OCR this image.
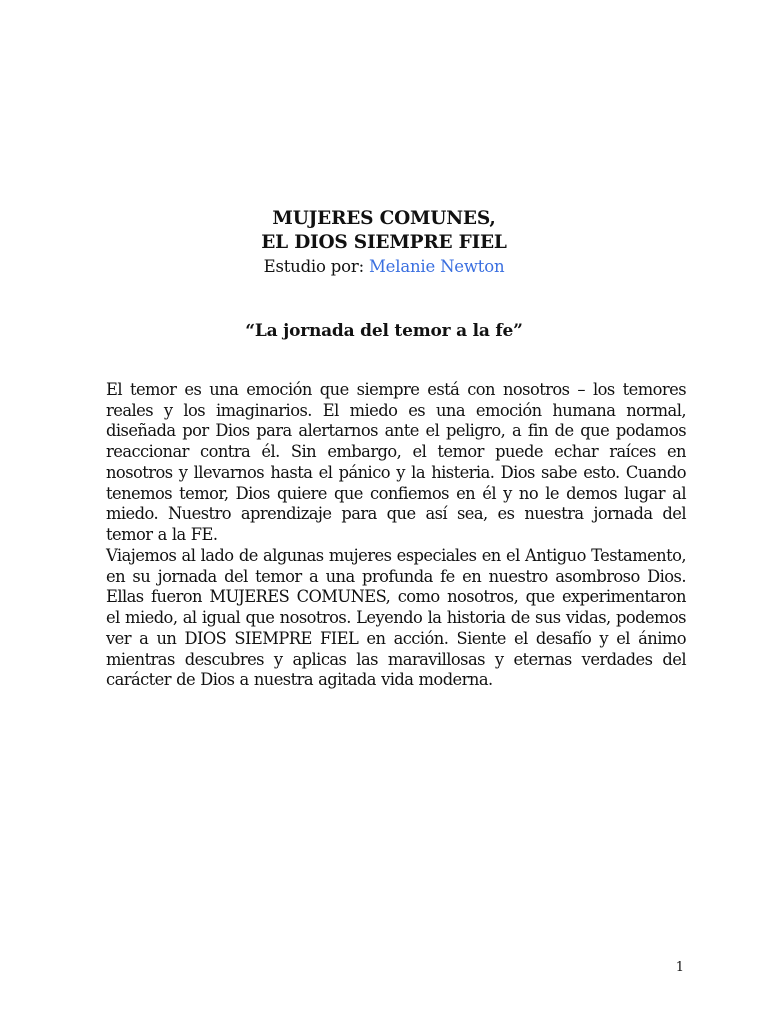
MUJERES COMUNES,
EL DIOS SIEMPRE FIEL
Estudio por: Melanie Newton
“La jornada del temor a la fe”
El temor es una emoción que siempre está con nosotros – los temores reales y los imaginarios. El miedo es una emoción humana normal, diseñada por Dios para alertarnos ante el peligro, a fin de que podamos reaccionar contra él. Sin embargo, el temor puede echar raíces en nosotros y llevarnos hasta el pánico y la histeria. Dios sabe esto. Cuando tenemos temor, Dios quiere que confiemos en él y no le demos lugar al miedo. Nuestro aprendizaje para que así sea, es nuestra jornada del temor a la FE.
Viajemos al lado de algunas mujeres especiales en el Antiguo Testamento, en su jornada del temor a una profunda fe en nuestro asombroso Dios. Ellas fueron MUJERES COMUNES, como nosotros, que experimentaron el miedo, al igual que nosotros. Leyendo la historia de sus vidas, podemos ver a un DIOS SIEMPRE FIEL en acción. Siente el desafío y el ánimo mientras descubres y aplicas las maravillosas y eternas verdades del carácter de Dios a nuestra agitada vida moderna.
1
